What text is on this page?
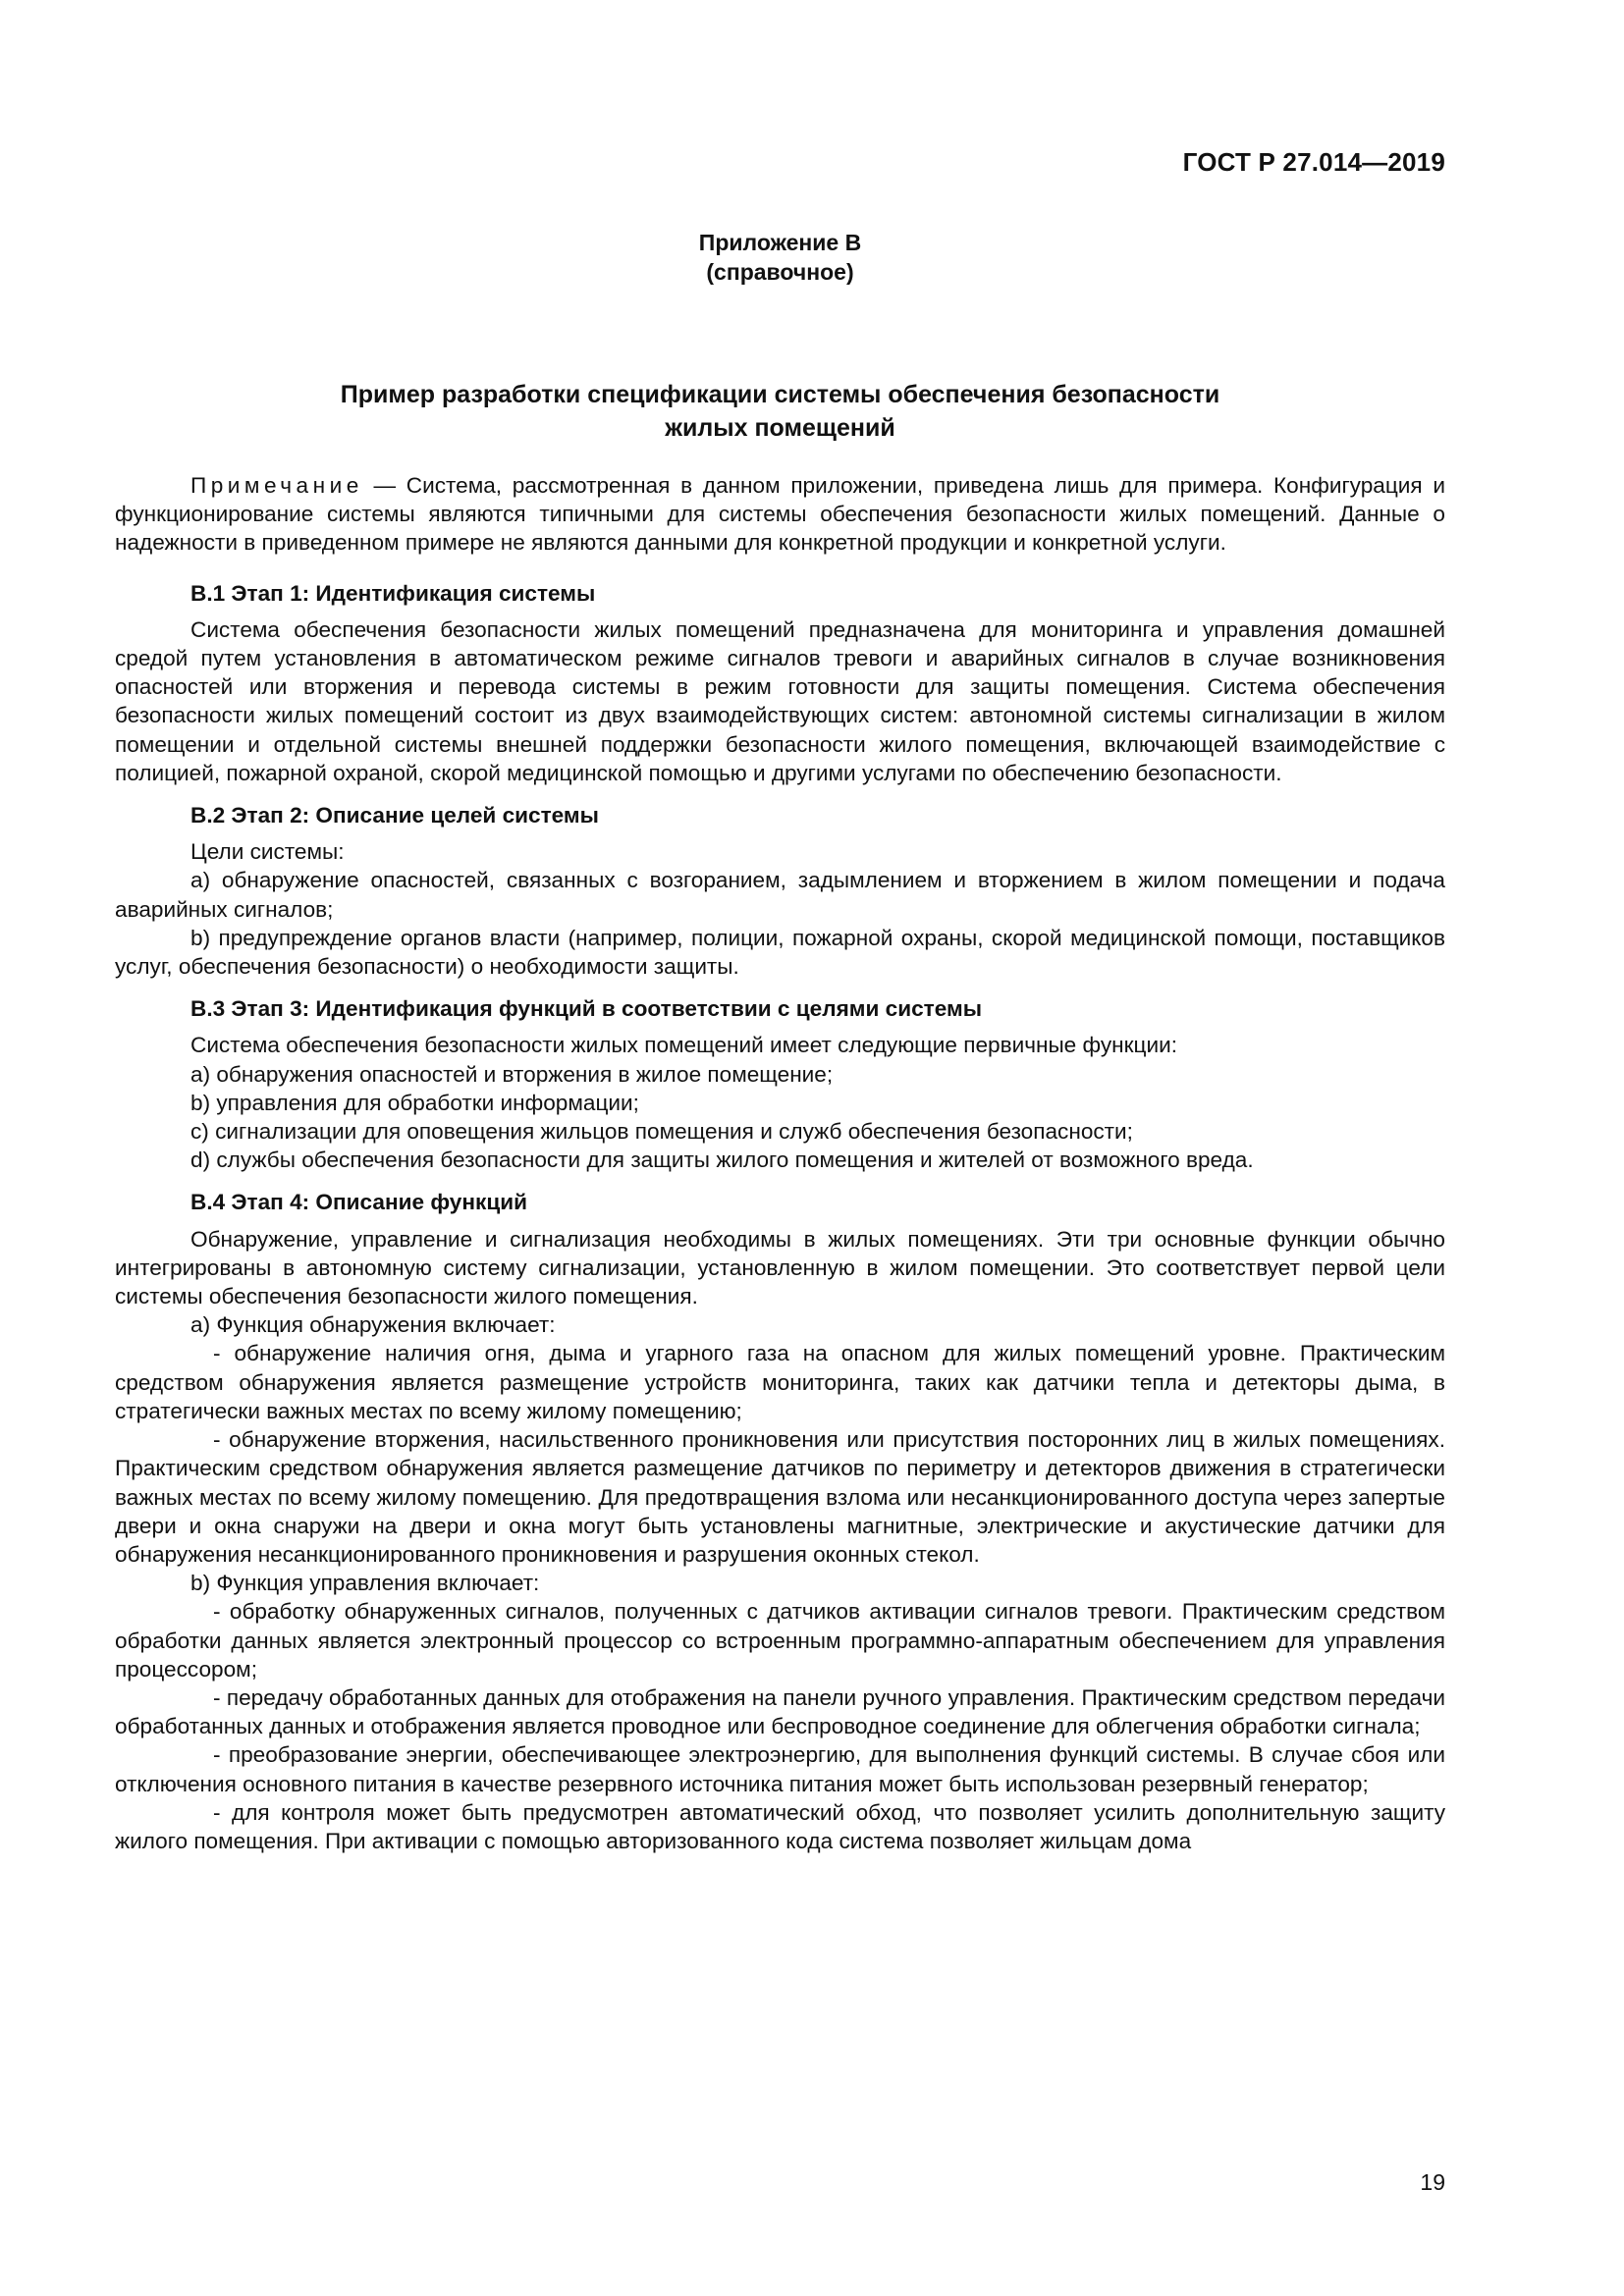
ГОСТ Р 27.014—2019
Приложение В
(справочное)
Пример разработки спецификации системы обеспечения безопасности
жилых помещений

Примечание — Система, рассмотренная в данном приложении, приведена лишь для примера. Конфигурация и функционирование системы являются типичными для системы обеспечения безопасности жилых помещений. Данные о надежности в приведенном примере не являются данными для конкретной продукции и конкретной услуги.

В.1 Этап 1: Идентификация системы

Система обеспечения безопасности жилых помещений предназначена для мониторинга и управления домашней средой путем установления в автоматическом режиме сигналов тревоги и аварийных сигналов в случае возникновения опасностей или вторжения и перевода системы в режим готовности для защиты помещения. Система обеспечения безопасности жилых помещений состоит из двух взаимодействующих систем: автономной системы сигнализации в жилом помещении и отдельной системы внешней поддержки безопасности жилого помещения, включающей взаимодействие с полицией, пожарной охраной, скорой медицинской помощью и другими услугами по обеспечению безопасности.

В.2 Этап 2: Описание целей системы

Цели системы:

а) обнаружение опасностей, связанных с возгоранием, задымлением и вторжением в жилом помещении и подача аварийных сигналов;

b) предупреждение органов власти (например, полиции, пожарной охраны, скорой медицинской помощи, поставщиков услуг, обеспечения безопасности) о необходимости защиты.

В.3 Этап 3: Идентификация функций в соответствии с целями системы

Система обеспечения безопасности жилых помещений имеет следующие первичные функции:

а) обнаружения опасностей и вторжения в жилое помещение;

b) управления для обработки информации;

c) сигнализации для оповещения жильцов помещения и служб обеспечения безопасности;

d) службы обеспечения безопасности для защиты жилого помещения и жителей от возможного вреда.

В.4 Этап 4: Описание функций

Обнаружение, управление и сигнализация необходимы в жилых помещениях. Эти три основные функции обычно интегрированы в автономную систему сигнализации, установленную в жилом помещении. Это соответствует первой цели системы обеспечения безопасности жилого помещения.

а) Функция обнаружения включает:

- обнаружение наличия огня, дыма и угарного газа на опасном для жилых помещений уровне. Практическим средством обнаружения является размещение устройств мониторинга, таких как датчики тепла и детекторы дыма, в стратегически важных местах по всему жилому помещению;

- обнаружение вторжения, насильственного проникновения или присутствия посторонних лиц в жилых помещениях. Практическим средством обнаружения является размещение датчиков по периметру и детекторов движения в стратегически важных местах по всему жилому помещению. Для предотвращения взлома или несанкционированного доступа через запертые двери и окна снаружи на двери и окна могут быть установлены магнитные, электрические и акустические датчики для обнаружения несанкционированного проникновения и разрушения оконных стекол.

b) Функция управления включает:

- обработку обнаруженных сигналов, полученных с датчиков активации сигналов тревоги. Практическим средством обработки данных является электронный процессор со встроенным программно-аппаратным обеспечением для управления процессором;

- передачу обработанных данных для отображения на панели ручного управления. Практическим средством передачи обработанных данных и отображения является проводное или беспроводное соединение для облегчения обработки сигнала;

- преобразование энергии, обеспечивающее электроэнергию, для выполнения функций системы. В случае сбоя или отключения основного питания в качестве резервного источника питания может быть использован резервный генератор;

- для контроля может быть предусмотрен автоматический обход, что позволяет усилить дополнительную защиту жилого помещения. При активации с помощью авторизованного кода система позволяет жильцам дома

19
